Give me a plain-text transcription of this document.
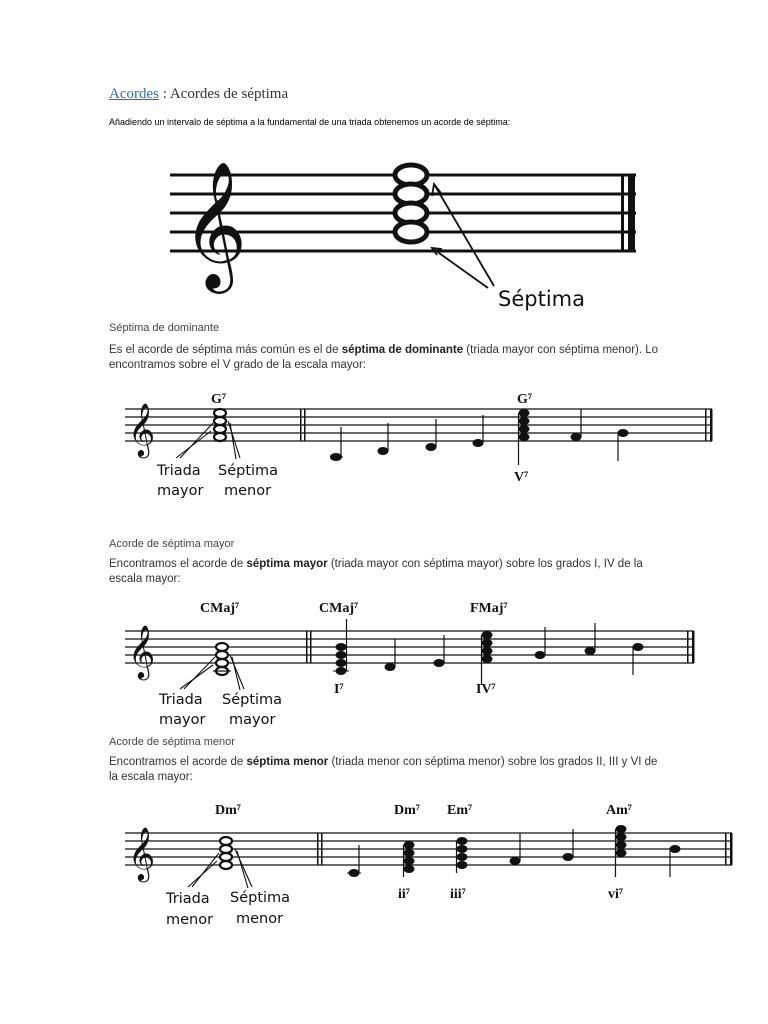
Acordes : Acordes de séptima
Añadiendo un intervalo de séptima a la fundamental de una triada obtenemos un acorde de séptima:
𝄞
Séptima
Séptima de dominante
Es el acorde de séptima más común es el de séptima de dominante (triada mayor con séptima menor). Lo encontramos sobre el V grado de la escala mayor:
𝄞
G⁷	G⁷
V⁷
Triada
mayor
Séptima
menor
Acorde de séptima mayor
Encontramos el acorde de séptima mayor (triada mayor con séptima mayor) sobre los grados I, IV de la escala mayor:
𝄞
CMaj⁷	CMaj⁷	FMaj⁷
I⁷	IV⁷
Triada
mayor
Séptima
mayor
Acorde de séptima menor
Encontramos el acorde de séptima menor (triada menor con séptima menor) sobre los grados II, III y VI de la escala mayor:
𝄞
Dm⁷	Dm⁷ Em⁷	Am⁷
ii⁷	iii⁷	vi⁷
Triada
menor
Séptima
menor
